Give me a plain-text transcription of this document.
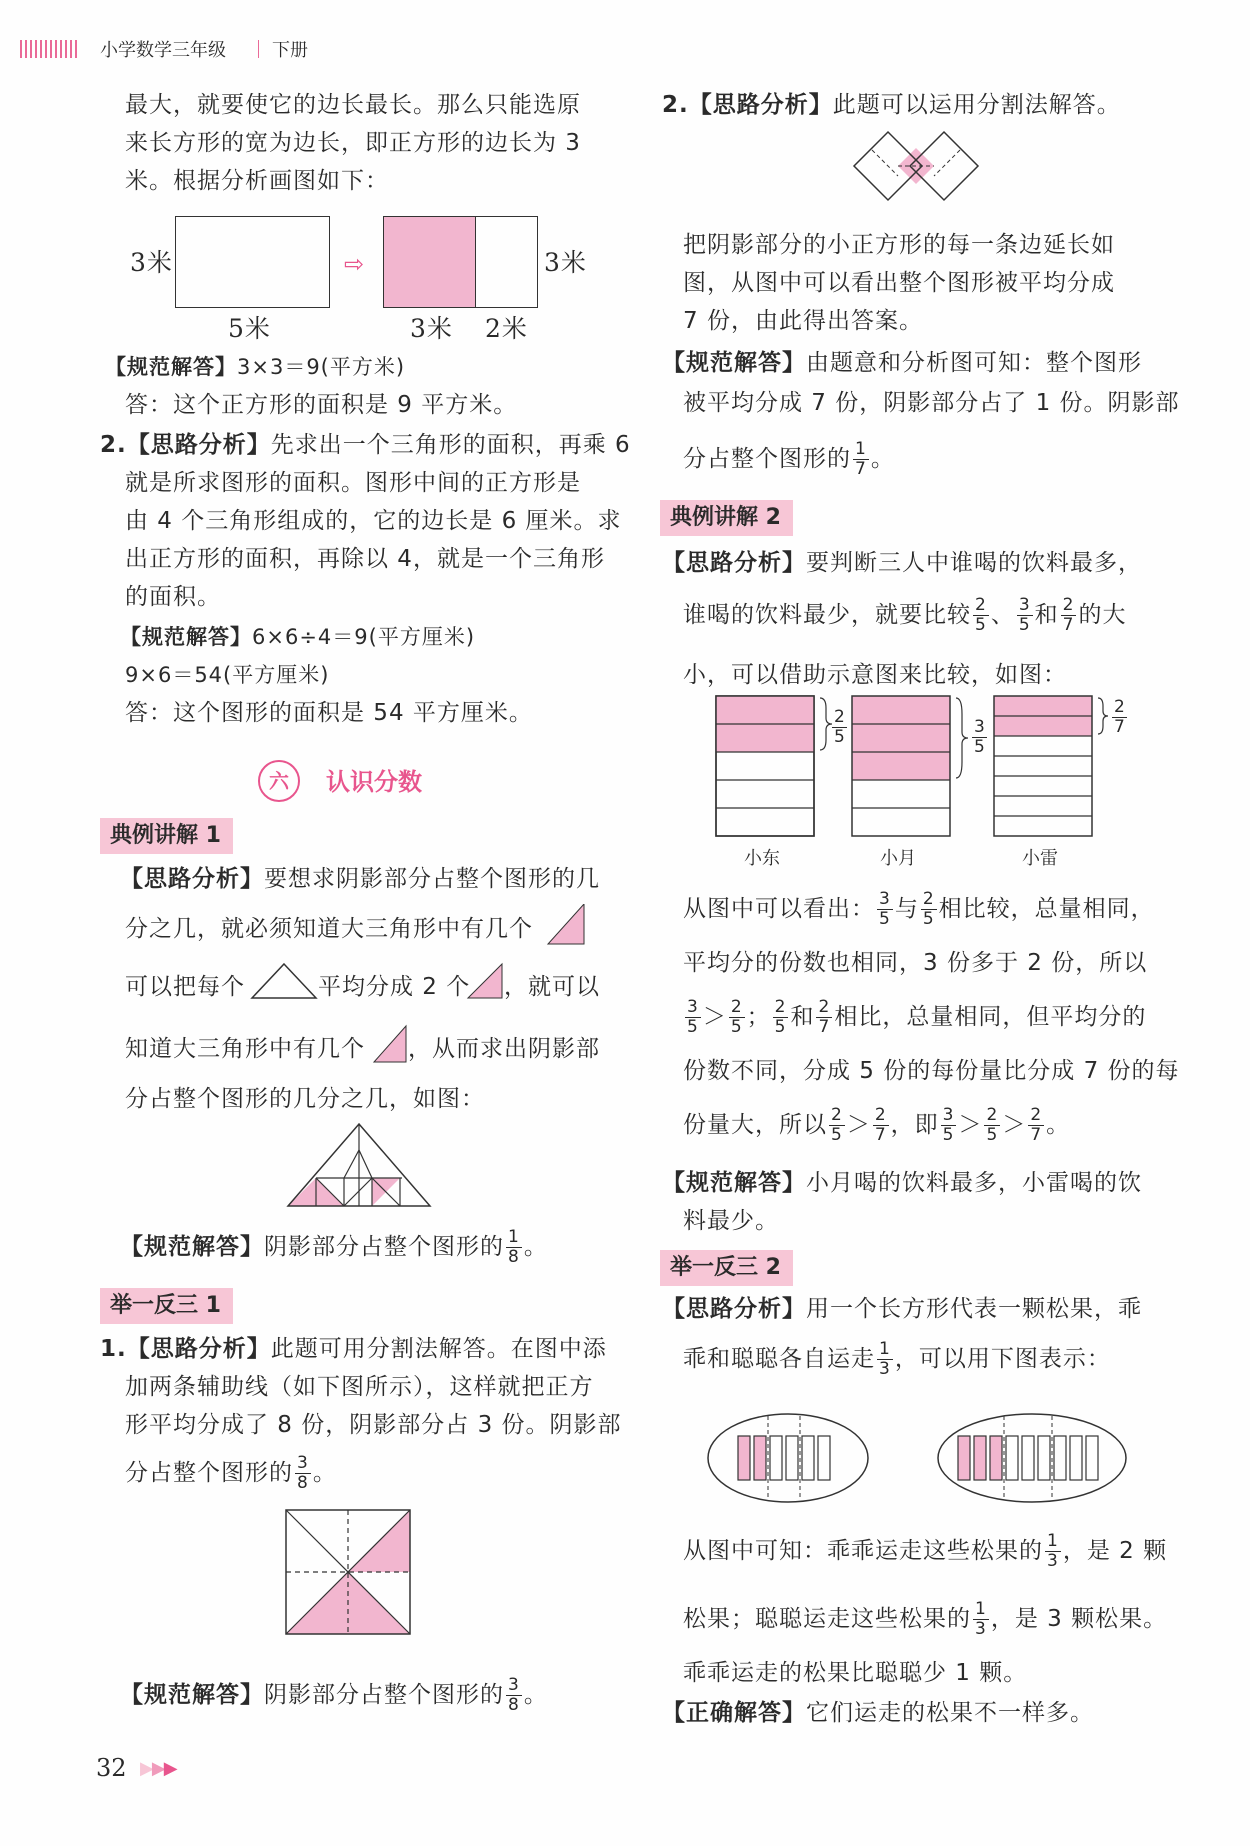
小学数学三年级	下册
最大，就要使它的边长最长。那么只能选原
来长方形的宽为边长，即正方形的边长为 3
米。根据分析画图如下：
3米
5米
⇨	3米
3米 2米
【规范解答】3×3＝9(平方米)
答：这个正方形的面积是 9 平方米。
2.【思路分析】先求出一个三角形的面积，再乘 6
就是所求图形的面积。图形中间的正方形是
由 4 个三角形组成的，它的边长是 6 厘米。求
出正方形的面积，再除以 4，就是一个三角形
的面积。
【规范解答】6×6÷4＝9(平方厘米)
9×6＝54(平方厘米)
答：这个图形的面积是 54 平方厘米。
六	认识分数
典例讲解 1
【思路分析】要想求阴影部分占整个图形的几
分之几，就必须知道大三角形中有几个
可以把每个	平均分成 2 个 ，就可以
知道大三角形中有几个 ，从而求出阴影部
分占整个图形的几分之几，如图：
【规范解答】阴影部分占整个图形的 $\frac{1}{8}$ 。
举一反三 1
1.【思路分析】此题可用分割法解答。在图中添
加两条辅助线（如下图所示），这样就把正方
形平均分成了 8 份，阴影部分占 3 份。阴影部
分占整个图形的 $\frac{3}{8}$ 。
【规范解答】阴影部分占整个图形的 $\frac{3}{8}$ 。
2.【思路分析】此题可以运用分割法解答。
把阴影部分的小正方形的每一条边延长如
图，从图中可以看出整个图形被平均分成
7 份，由此得出答案。
【规范解答】由题意和分析图可知：整个图形
被平均分成 7 份，阴影部分占了 1 份。阴影部
分占整个图形的 $\frac{1}{7}$ 。
典例讲解 2
【思路分析】要判断三人中谁喝的饮料最多，
谁喝的饮料最少，就要比较 $\frac{2}{5}$ 、 $\frac{3}{5}$ 和 $\frac{2}{7}$ 的大
小，可以借助示意图来比较，如图：
$\frac{2}{5}$	$\frac{3}{5}$
$\frac{2}{7}$
小东	小月	小雷
从图中可以看出： $\frac{3}{5}$ 与 $\frac{2}{5}$ 相比较，总量相同，
平均分的份数也相同，3 份多于 2 份，所以
$\frac{3}{5} > \frac{2}{5}$ ； $\frac{2}{5}$ 和 $\frac{2}{7}$ 相比，总量相同，但平均分的
份数不同，分成 5 份的每份量比分成 7 份的每
份量大，所以 $\frac{2}{5} > \frac{2}{7}$ ，即 $\frac{3}{5} > \frac{2}{5} > \frac{2}{7}$ 。
【规范解答】小月喝的饮料最多，小雷喝的饮
料最少。
举一反三 2
【思路分析】用一个长方形代表一颗松果，乖
乖和聪聪各自运走 $\frac{1}{3}$ ，可以用下图表示：
从图中可知：乖乖运走这些松果的 $\frac{1}{3}$ ，是 2 颗
松果；聪聪运走这些松果的 $\frac{1}{3}$ ，是 3 颗松果。
乖乖运走的松果比聪聪少 1 颗。
【正确解答】它们运走的松果不一样多。
32 ▶▶▶
